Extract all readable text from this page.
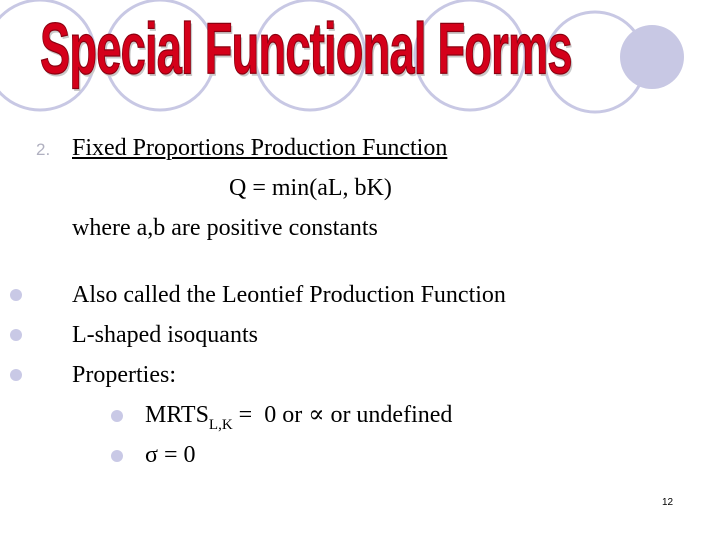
Special Functional Forms
2. Fixed Proportions Production Function
Q = min(aL, bK)
where a,b are positive constants
Also called the Leontief Production Function
L-shaped isoquants
Properties:
$MRTS_{L,K} = 0$ or ∝ or undefined
σ = 0
12
